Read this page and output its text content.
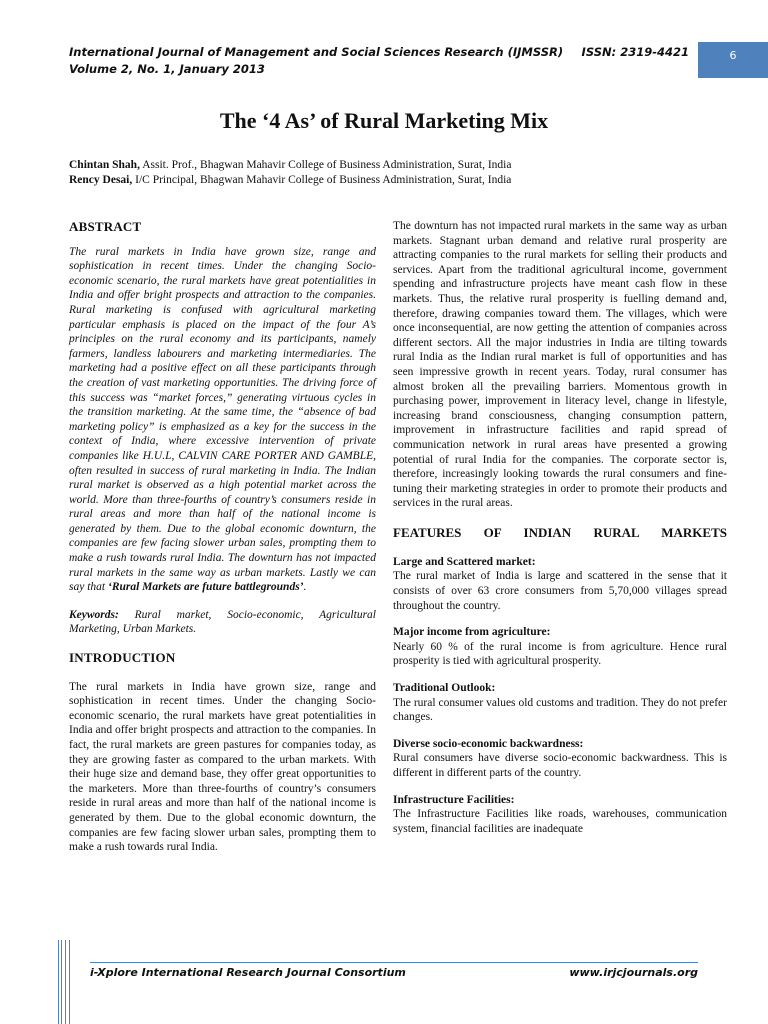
International Journal of Management and Social Sciences Research (IJMSSR) ISSN: 2319-4421
Volume 2, No. 1, January 2013
6
The ‘4 As’ of Rural Marketing Mix
Chintan Shah, Assit. Prof., Bhagwan Mahavir College of Business Administration, Surat, India
Rency Desai, I/C Principal, Bhagwan Mahavir College of Business Administration, Surat, India
ABSTRACT

The rural markets in India have grown size, range and sophistication in recent times. Under the changing Socio-economic scenario, the rural markets have great potentialities in India and offer bright prospects and attraction to the companies. Rural marketing is confused with agricultural marketing particular emphasis is placed on the impact of the four A’s principles on the rural economy and its participants, namely farmers, landless labourers and marketing intermediaries. The marketing had a positive effect on all these participants through the creation of vast marketing opportunities. The driving force of this success was “market forces,” generating virtuous cycles in the transition marketing. At the same time, the “absence of bad marketing policy” is emphasized as a key for the success in the context of India, where excessive intervention of private companies like H.U.L, CALVIN CARE PORTER AND GAMBLE, often resulted in success of rural marketing in India. The Indian rural market is observed as a high potential market across the world. More than three-fourths of country’s consumers reside in rural areas and more than half of the national income is generated by them. Due to the global economic downturn, the companies are few facing slower urban sales, prompting them to make a rush towards rural India. The downturn has not impacted rural markets in the same way as urban markets. Lastly we can say that ‘Rural Markets are future battlegrounds’.

Keywords: Rural market, Socio-economic, Agricultural Marketing, Urban Markets.

INTRODUCTION

The rural markets in India have grown size, range and sophistication in recent times. Under the changing Socio-economic scenario, the rural markets have great potentialities in India and offer bright prospects and attraction to the companies. In fact, the rural markets are green pastures for companies today, as they are growing faster as compared to the urban markets. With their huge size and demand base, they offer great opportunities to the marketers. More than three-fourths of country’s consumers reside in rural areas and more than half of the national income is generated by them. Due to the global economic downturn, the companies are few facing slower urban sales, prompting them to make a rush towards rural India.

The downturn has not impacted rural markets in the same way as urban markets. Stagnant urban demand and relative rural prosperity are attracting companies to the rural markets for selling their products and services. Apart from the traditional agricultural income, government spending and infrastructure projects have meant cash flow in these markets. Thus, the relative rural prosperity is fuelling demand and, therefore, drawing companies toward them. The villages, which were once inconsequential, are now getting the attention of companies across different sectors. All the major industries in India are tilting towards rural India as the Indian rural market is full of opportunities and has seen impressive growth in recent years. Today, rural consumer has almost broken all the prevailing barriers. Momentous growth in purchasing power, improvement in literacy level, change in lifestyle, increasing brand consciousness, changing consumption pattern, improvement in infrastructure facilities and rapid spread of communication network in rural areas have presented a growing potential of rural India for the companies. The corporate sector is, therefore, increasingly looking towards the rural consumers and fine-tuning their marketing strategies in order to promote their products and services in the rural areas.

FEATURES OF INDIAN RURAL MARKETS

Large and Scattered market:

The rural market of India is large and scattered in the sense that it consists of over 63 crore consumers from 5,70,000 villages spread throughout the country.

Major income from agriculture:

Nearly 60 % of the rural income is from agriculture. Hence rural prosperity is tied with agricultural prosperity.

Traditional Outlook:

The rural consumer values old customs and tradition. They do not prefer changes.

Diverse socio-economic backwardness:

Rural consumers have diverse socio-economic backwardness. This is different in different parts of the country.

Infrastructure Facilities:

The Infrastructure Facilities like roads, warehouses, communication system, financial facilities are inadequate

i-Xplore International Research Journal Consortium	www.irjcjournals.org
